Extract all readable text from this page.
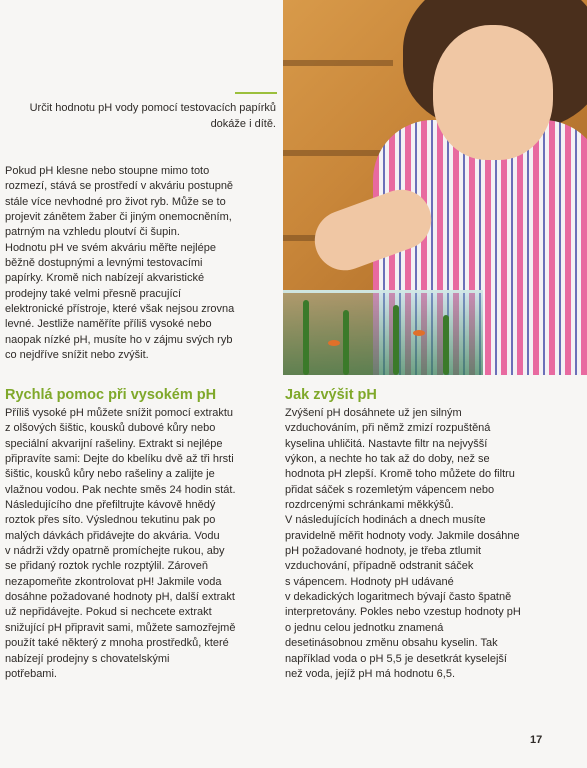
Určit hodnotu pH vody pomocí testovacích papírků
dokáže i dítě.

Pokud pH klesne nebo stoupne mimo toto

rozmezí, stává se prostředí v akváriu postupně

stále více nevhodné pro život ryb. Může se to

projevit zánětem žaber či jiným onemocněním,

patrným na vzhledu ploutví či šupin.

Hodnotu pH ve svém akváriu měřte nejlépe

běžně dostupnými a levnými testovacími

papírky. Kromě nich nabízejí akvaristické

prodejny také velmi přesně pracující

elektronické přístroje, které však nejsou zrovna

levné. Jestliže naměříte příliš vysoké nebo

naopak nízké pH, musíte ho v zájmu svých ryb

co nejdříve snížit nebo zvýšit.

Rychlá pomoc při vysokém pH

Příliš vysoké pH můžete snížit pomocí extraktu

z olšových šištic, kousků dubové kůry nebo

speciální akvarijní rašeliny. Extrakt si nejlépe

připravíte sami: Dejte do kbelíku dvě až tři hrsti

šištic, kousků kůry nebo rašeliny a zalijte je

vlažnou vodou. Pak nechte směs 24 hodin stát.

Následujícího dne přefiltrujte kávově hnědý

roztok přes síto. Výslednou tekutinu pak po

malých dávkách přidávejte do akvária. Vodu

v nádrži vždy opatrně promíchejte rukou, aby

se přidaný roztok rychle rozptýlil. Zároveň

nezapomeňte zkontrolovat pH! Jakmile voda

dosáhne požadované hodnoty pH, další extrakt

už nepřidávejte. Pokud si nechcete extrakt

snižující pH připravit sami, můžete samozřejmě

použít také některý z mnoha prostředků, které

nabízejí prodejny s chovatelskými

potřebami.

Jak zvýšit pH

Zvýšení pH dosáhnete už jen silným

vzduchováním, při němž zmizí rozpuštěná

kyselina uhličitá. Nastavte filtr na nejvyšší

výkon, a nechte ho tak až do doby, než se

hodnota pH zlepší. Kromě toho můžete do filtru

přidat sáček s rozemletým vápencem nebo

rozdrcenými schránkami měkkýšů.

V následujících hodinách a dnech musíte

pravidelně měřit hodnoty vody. Jakmile dosáhne

pH požadované hodnoty, je třeba ztlumit

vzduchování, případně odstranit sáček

s vápencem. Hodnoty pH udávané

v dekadických logaritmech bývají často špatně

interpretovány. Pokles nebo vzestup hodnoty pH

o jednu celou jednotku znamená

desetinásobnou změnu obsahu kyselin. Tak

například voda o pH 5,5 je desetkrát kyselejší

než voda, jejíž pH má hodnotu 6,5.

17
